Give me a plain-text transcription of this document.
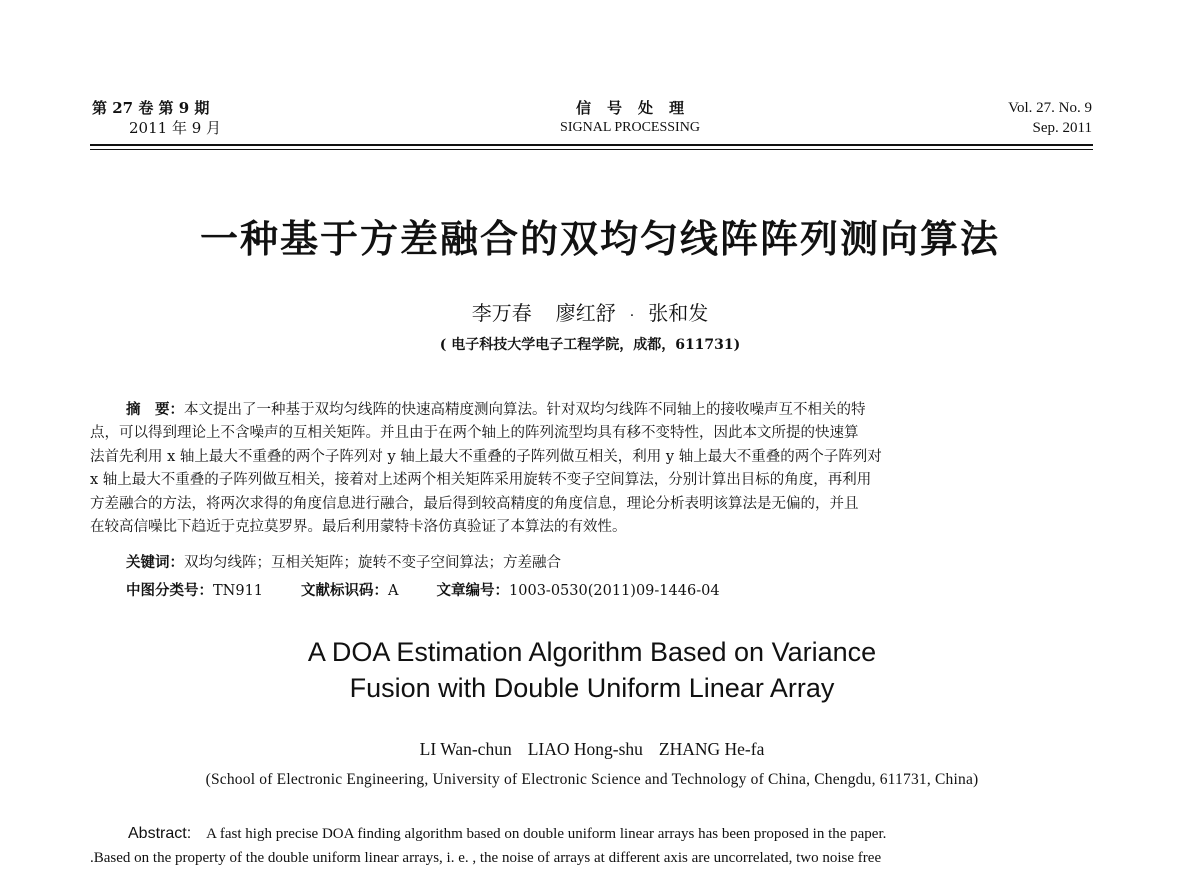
第 27 卷 第 9 期
2011 年 9 月
信号处理
SIGNAL PROCESSING
Vol. 27. No. 9
Sep. 2011
一种基于方差融合的双均匀线阵阵列测向算法
李万春 廖红舒 · 张和发
( 电子科技大学电子工程学院，成都，611731)
摘　要：本文提出了一种基于双均匀线阵的快速高精度测向算法。针对双均匀线阵不同轴上的接收噪声互不相关的特
点，可以得到理论上不含噪声的互相关矩阵。并且由于在两个轴上的阵列流型均具有移不变特性，因此本文所提的快速算
法首先利用 x 轴上最大不重叠的两个子阵列对 y 轴上最大不重叠的子阵列做互相关，利用 y 轴上最大不重叠的两个子阵列对
x 轴上最大不重叠的子阵列做互相关，接着对上述两个相关矩阵采用旋转不变子空间算法，分别计算出目标的角度，再利用
方差融合的方法，将两次求得的角度信息进行融合，最后得到较高精度的角度信息，理论分析表明该算法是无偏的，并且
在较高信噪比下趋近于克拉莫罗界。最后利用蒙特卡洛仿真验证了本算法的有效性。
关键词：双均匀线阵；互相关矩阵；旋转不变子空间算法；方差融合
中图分类号：TN911	文献标识码：A	文章编号：1003-0530(2011)09-1446-04
A DOA Estimation Algorithm Based on Variance
Fusion with Double Uniform Linear Array
LI Wan-chun LIAO Hong-shu ZHANG He-fa
(School of Electronic Engineering, University of Electronic Science and Technology of China, Chengdu, 611731, China)
Abstract: A fast high precise DOA finding algorithm based on double uniform linear arrays has been proposed in the paper.
.Based on the property of the double uniform linear arrays, i. e. , the noise of arrays at different axis are uncorrelated, two noise free
